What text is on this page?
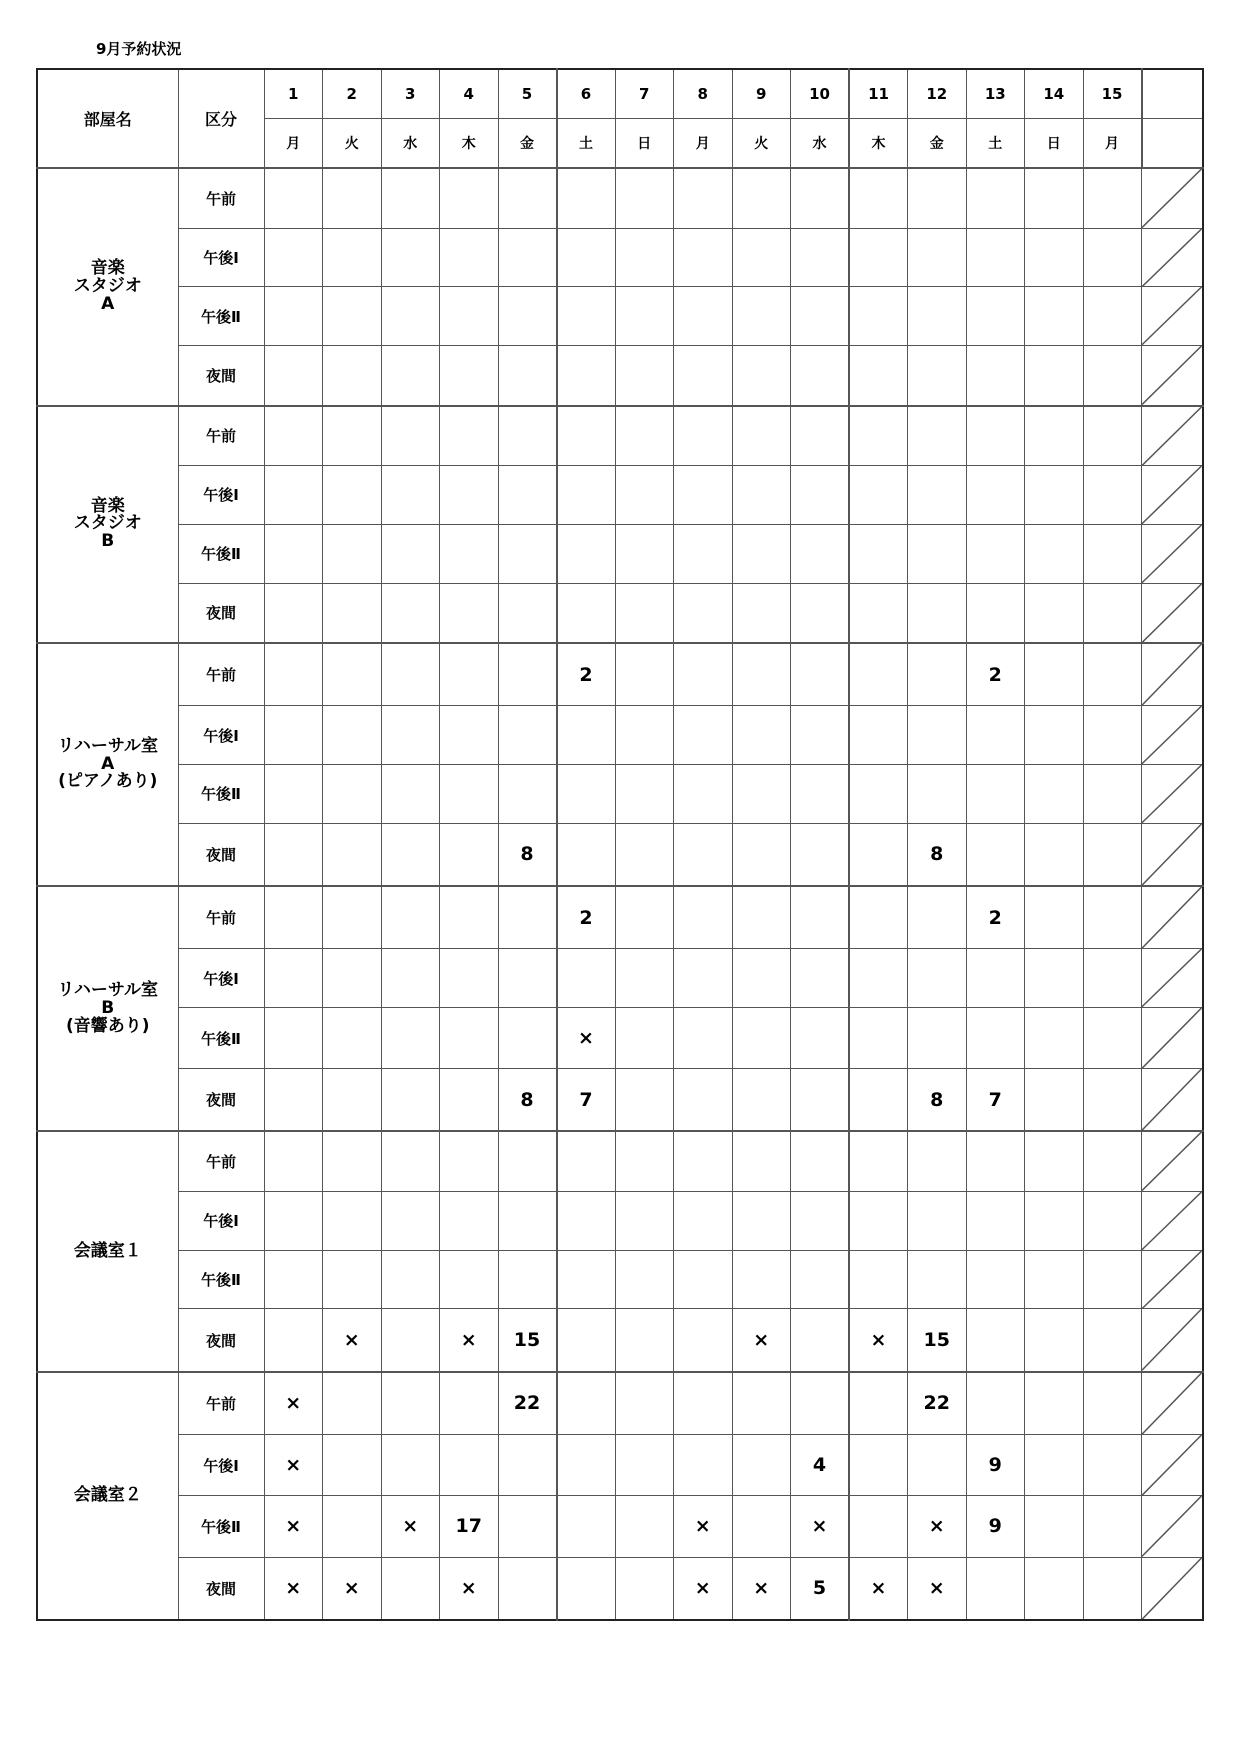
9月予約状況
部屋名	区分	1	2	3	4	5	6	7	8	9	10	11	12	13	14	15	
		月	火	水	木	金	土	日	月	火	水	木	金	土	日	月	
音楽
スタジオ
A	午前																

	午後Ⅰ																

	午後Ⅱ																

	夜間																

音楽
スタジオ
B	午前																

	午後Ⅰ																

	午後Ⅱ																

	夜間																

リハーサル室
A
(ピアノあり)	午前						2							2			

	午後Ⅰ																

	午後Ⅱ																

	夜間					8							8				

リハーサル室
B
(音響あり)	午前						2							2			

	午後Ⅰ																

	午後Ⅱ						×										

	夜間					8	7						8	7			

会議室１	午前																

	午後Ⅰ																

	午後Ⅱ																

	夜間		×		×	15				×		×	15				

会議室２	午前	×				22							22				

	午後Ⅰ	×									4			9			

	午後Ⅱ	×		×	17				×		×		×	9			

	夜間	×	×		×				×	×	5	×	×				
